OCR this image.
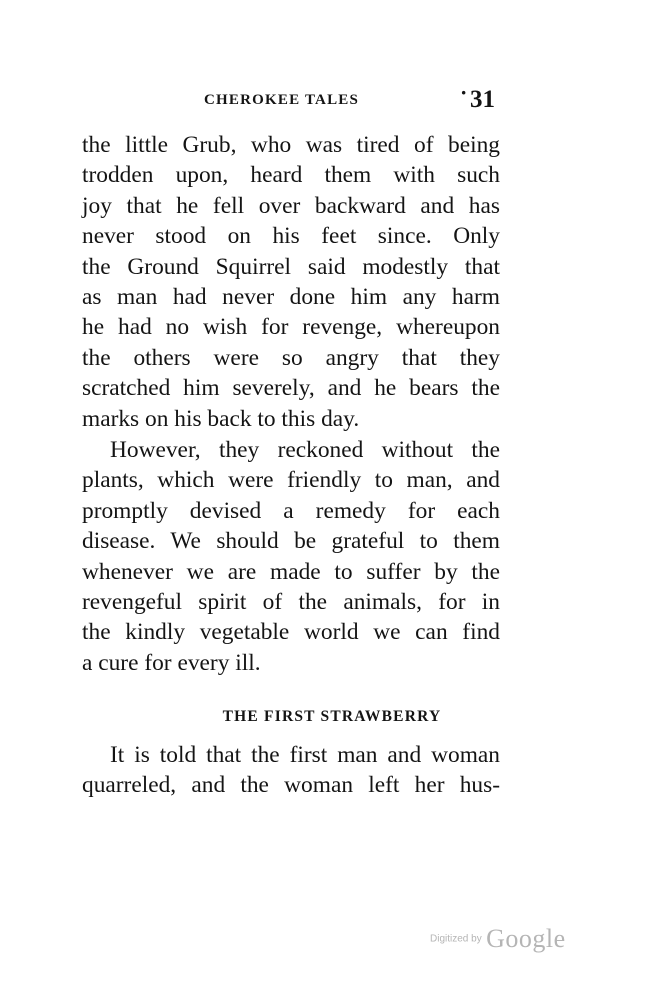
CHEROKEE TALES
·	31
the little Grub, who was tired of being
trodden upon, heard them with such
joy that he fell over backward and has
never stood on his feet since. Only
the Ground Squirrel said modestly that
as man had never done him any harm
he had no wish for revenge, whereupon
the others were so angry that they
scratched him severely, and he bears the
marks on his back to this day.
However, they reckoned without the
plants, which were friendly to man, and
promptly devised a remedy for each
disease. We should be grateful to them
whenever we are made to suffer by the
revengeful spirit of the animals, for in
the kindly vegetable world we can find
a cure for every ill.
THE FIRST STRAWBERRY
It is told that the first man and woman
quarreled, and the woman left her hus-
Digitized by Google
